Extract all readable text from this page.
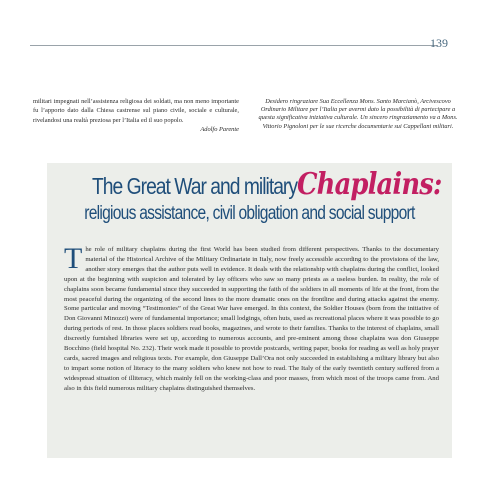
139
militari impegnati nell’assistenza religiosa dei soldati, ma non meno importante fu l’apporto dato dalla Chiesa castrense sul piano civile, sociale e culturale, rivelandosi una realtà preziosa per l’Italia ed il suo popolo.
Adolfo Parente
Desidero ringraziare Sua Eccellenza Mons. Santo Marcianò, Arcivescovo Ordinario Militare per l’Italia per avermi dato la possibilità di partecipare a questa significativa iniziativa culturale. Un sincero ringraziamento va a Mons. Vittorio Pignoloni per le sue ricerche documentarie sui Cappellani militari.
The Great War and militaryChaplains:
religious assistance, civil obligation and social support
The role of military chaplains during the first World has been studied from different perspectives. Thanks to the documentary material of the Historical Archive of the Military Ordinariate in Italy, now freely accessible according to the provisions of the law, another story emerges that the author puts well in evidence. It deals with the relationship with chaplains during the conflict, looked upon at the beginning with suspicion and tolerated by lay officers who saw so many priests as a useless burden. In reality, the role of chaplains soon became fundamental since they succeeded in supporting the faith of the soldiers in all moments of life at the front, from the most peaceful during the organizing of the second lines to the more dramatic ones on the frontline and during attacks against the enemy. Some particular and moving “Testimonies” of the Great War have emerged. In this context, the Soldier Houses (born from the initiative of Don Giovanni Minozzi) were of fundamental importance; small lodgings, often huts, used as recreational places where it was possible to go during periods of rest. In those places soldiers read books, magazines, and wrote to their families. Thanks to the interest of chaplains, small discreetly furnished libraries were set up, according to numerous accounts, and pre-eminent among those chaplains was don Giuseppe Bocchino (field hospital No. 232). Their work made it possible to provide postcards, writing paper, books for reading as well as holy prayer cards, sacred images and religious texts. For example, don Giuseppe Dall’Ora not only succeeded in establishing a military library but also to impart some notion of literacy to the many soldiers who knew not how to read. The Italy of the early twentieth century suffered from a widespread situation of illiteracy, which mainly fell on the working-class and poor masses, from which most of the troops came from. And also in this field numerous military chaplains distinguished themselves.
